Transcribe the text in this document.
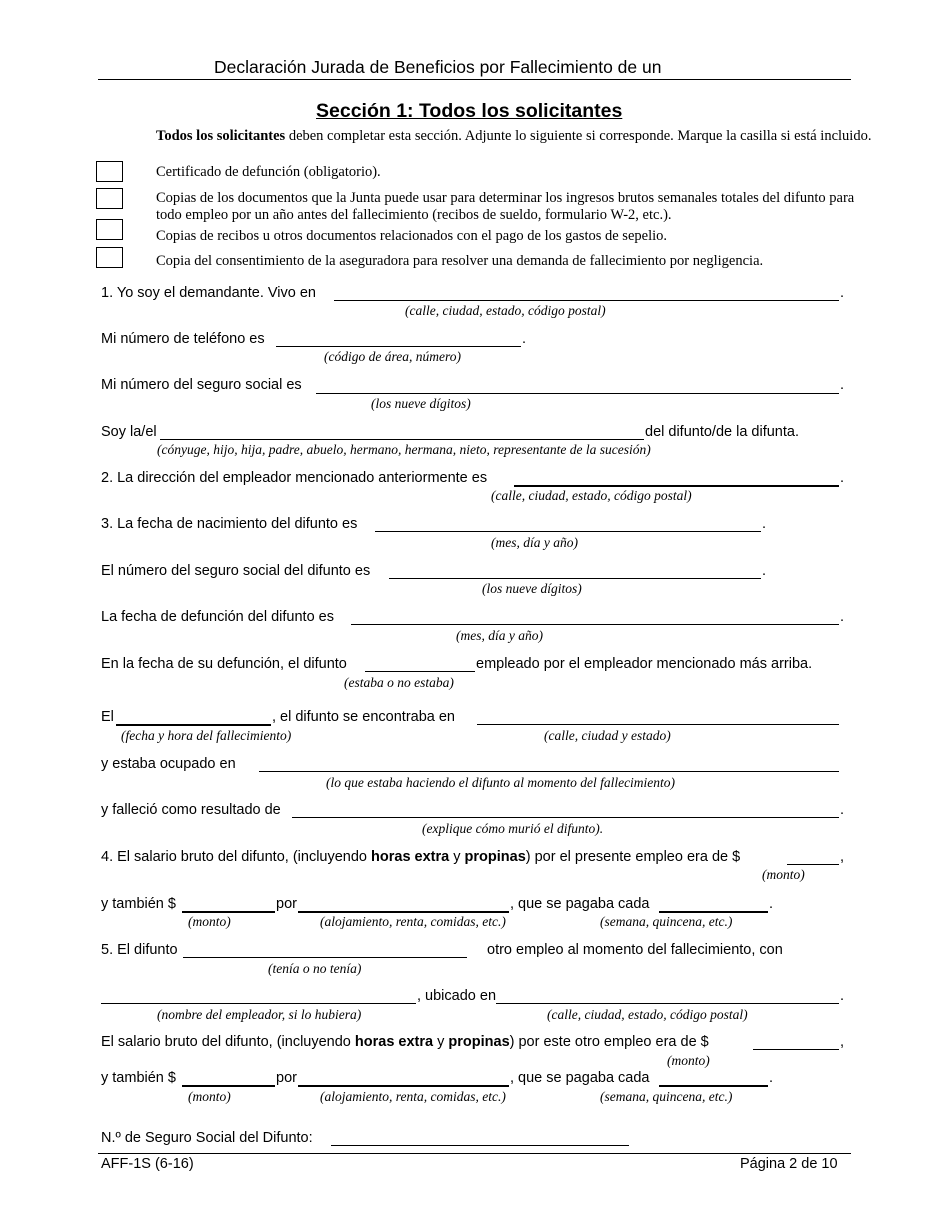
Declaración Jurada de Beneficios por Fallecimiento de un
Sección 1: Todos los solicitantes
Todos los solicitantes deben completar esta sección. Adjunte lo siguiente si corresponde. Marque la casilla si está incluido.
Certificado de defunción (obligatorio).
Copias de los documentos que la Junta puede usar para determinar los ingresos brutos semanales totales del difunto para todo empleo por un año antes del fallecimiento (recibos de sueldo, formulario W-2, etc.).
Copias de recibos u otros documentos relacionados con el pago de los gastos de sepelio.
Copia del consentimiento de la aseguradora para resolver una demanda de fallecimiento por negligencia.
1. Yo soy el demandante. Vivo en	.
(calle, ciudad, estado, código postal)
Mi número de teléfono es	.
(código de área, número)
Mi número del seguro social es	.
(los nueve dígitos)
Soy la/el	del difunto/de la difunta.
(cónyuge, hijo, hija, padre, abuelo, hermano, hermana, nieto, representante de la sucesión)
2. La dirección del empleador mencionado anteriormente es	.
(calle, ciudad, estado, código postal)
3. La fecha de nacimiento del difunto es	.
(mes, día y año)
El número del seguro social del difunto es	.
(los nueve dígitos)
La fecha de defunción del difunto es	.
(mes, día y año)
En la fecha de su defunción, el difunto	empleado por el empleador mencionado más arriba.
(estaba o no estaba)
El	, el difunto se encontraba en
(fecha y hora del fallecimiento)	(calle, ciudad y estado)
y estaba ocupado en
(lo que estaba haciendo el difunto al momento del fallecimiento)
y falleció como resultado de	.
(explique cómo murió el difunto).
4. El salario bruto del difunto, (incluyendo horas extra y propinas) por el presente empleo era de $	,
(monto)
y también $	por	, que se pagaba cada	.
(monto)	(alojamiento, renta, comidas, etc.)	(semana, quincena, etc.)
5. El difunto	otro empleo al momento del fallecimiento, con
(tenía o no tenía)
, ubicado en	.
(nombre del empleador, si lo hubiera)	(calle, ciudad, estado, código postal)
El salario bruto del difunto, (incluyendo horas extra y propinas) por este otro empleo era de $	,
(monto)
y también $	por	, que se pagaba cada	.
(monto)	(alojamiento, renta, comidas, etc.)	(semana, quincena, etc.)
N.º de Seguro Social del Difunto:
AFF-1S (6-16)	Página 2 de 10
